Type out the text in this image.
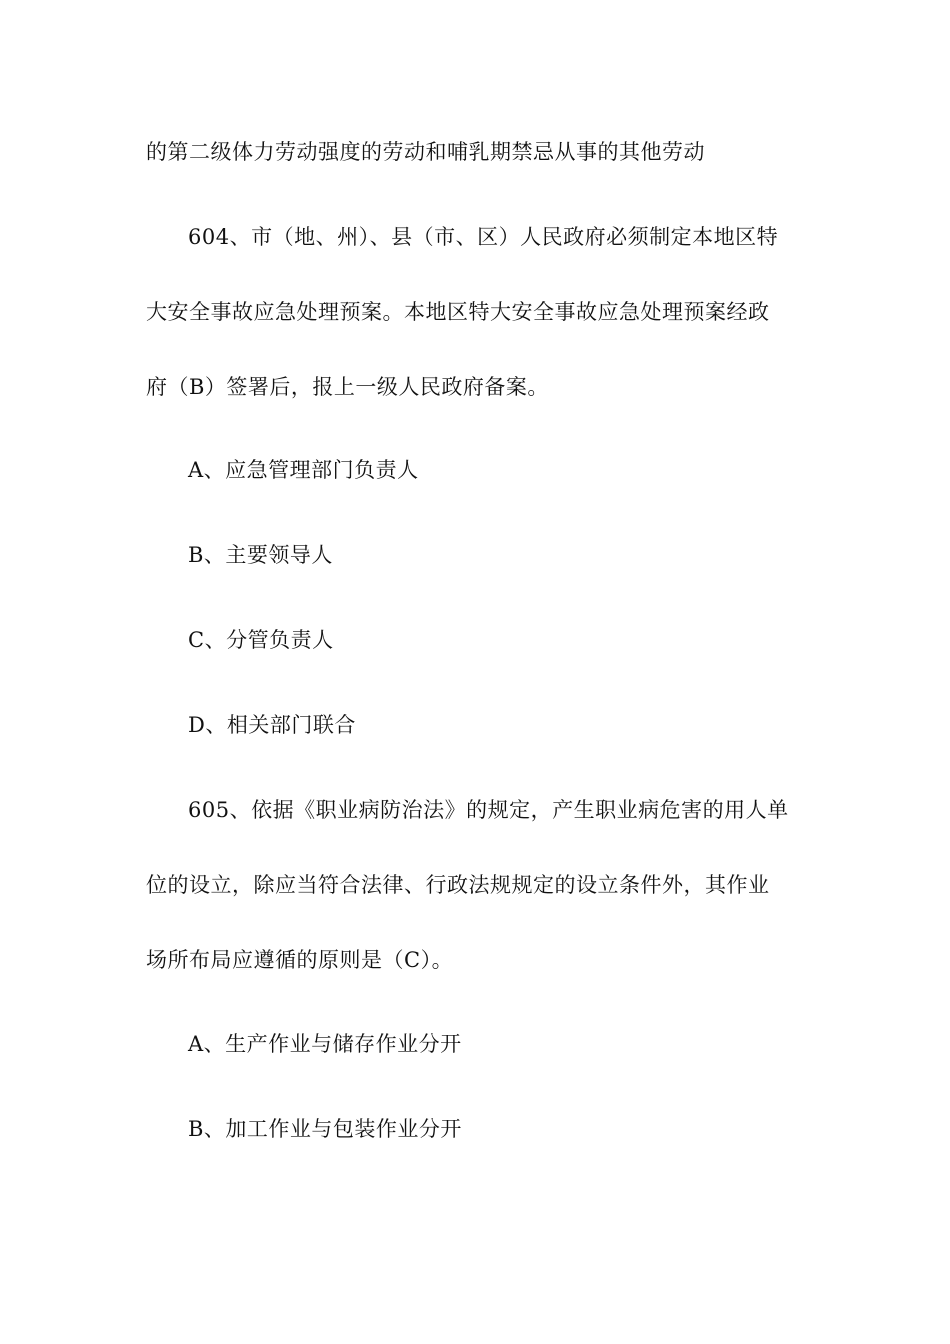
的第二级体力劳动强度的劳动和哺乳期禁忌从事的其他劳动
604、市（地、州）、县（市、区）人民政府必须制定本地区特
大安全事故应急处理预案。本地区特大安全事故应急处理预案经政
府（B）签署后，报上一级人民政府备案。
A、应急管理部门负责人
B、主要领导人
C、分管负责人
D、相关部门联合
605、依据《职业病防治法》的规定，产生职业病危害的用人单
位的设立，除应当符合法律、行政法规规定的设立条件外，其作业
场所布局应遵循的原则是（C）。
A、生产作业与储存作业分开
B、加工作业与包装作业分开
